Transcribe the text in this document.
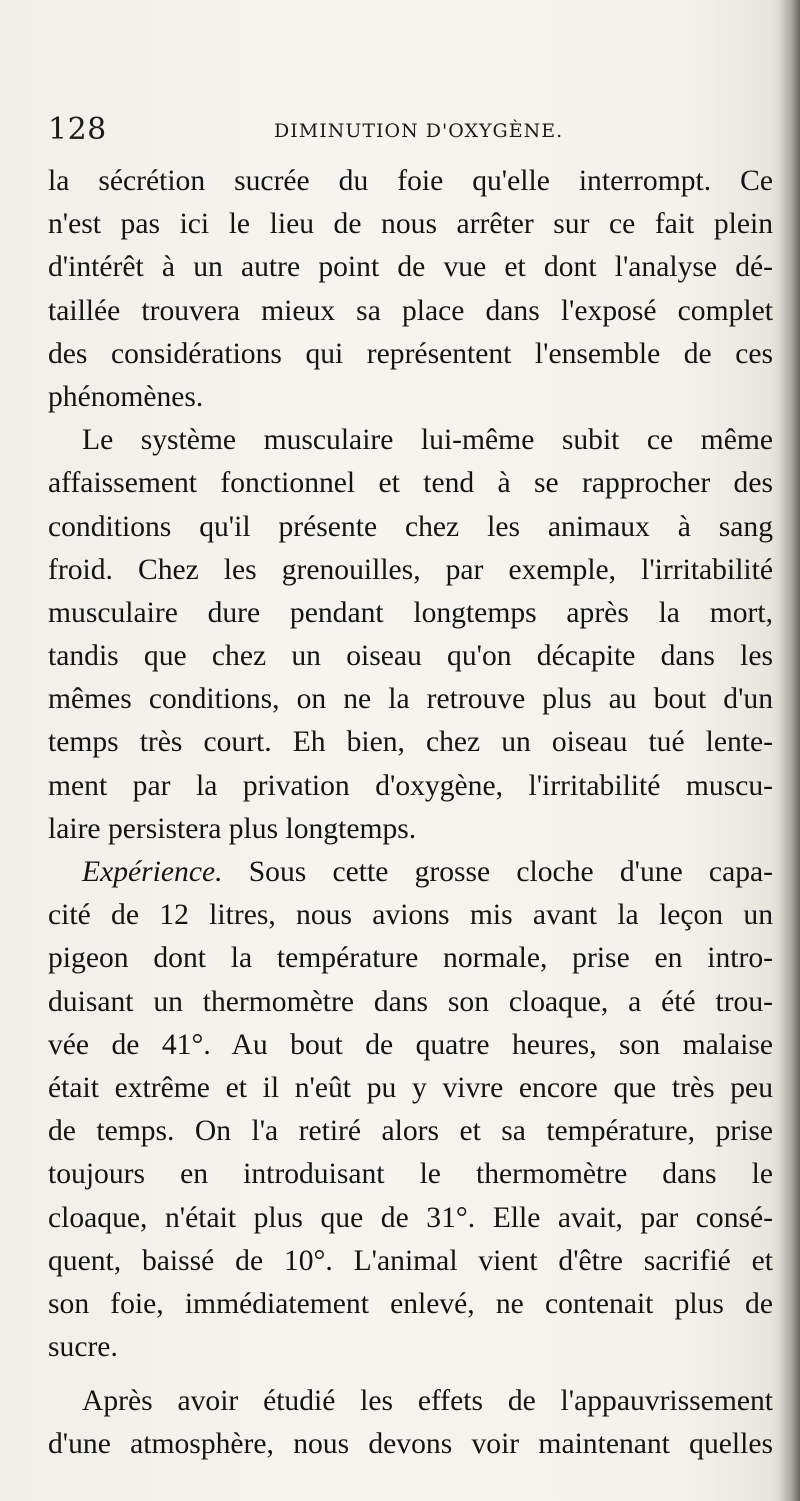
128	DIMINUTION D'OXYGÈNE.
la sécrétion sucrée du foie qu'elle interrompt. Ce
n'est pas ici le lieu de nous arrêter sur ce fait plein
d'intérêt à un autre point de vue et dont l'analyse dé-
taillée trouvera mieux sa place dans l'exposé complet
des considérations qui représentent l'ensemble de ces
phénomènes.
Le système musculaire lui-même subit ce même
affaissement fonctionnel et tend à se rapprocher des
conditions qu'il présente chez les animaux à sang
froid. Chez les grenouilles, par exemple, l'irritabilité
musculaire dure pendant longtemps après la mort,
tandis que chez un oiseau qu'on décapite dans les
mêmes conditions, on ne la retrouve plus au bout d'un
temps très court. Eh bien, chez un oiseau tué lente-
ment par la privation d'oxygène, l'irritabilité muscu-
laire persistera plus longtemps.
Expérience. Sous cette grosse cloche d'une capa-
cité de 12 litres, nous avions mis avant la leçon un
pigeon dont la température normale, prise en intro-
duisant un thermomètre dans son cloaque, a été trou-
vée de 41°. Au bout de quatre heures, son malaise
était extrême et il n'eût pu y vivre encore que très peu
de temps. On l'a retiré alors et sa température, prise
toujours en introduisant le thermomètre dans le
cloaque, n'était plus que de 31°. Elle avait, par consé-
quent, baissé de 10°. L'animal vient d'être sacrifié et
son foie, immédiatement enlevé, ne contenait plus de
sucre.
Après avoir étudié les effets de l'appauvrissement
d'une atmosphère, nous devons voir maintenant quelles
